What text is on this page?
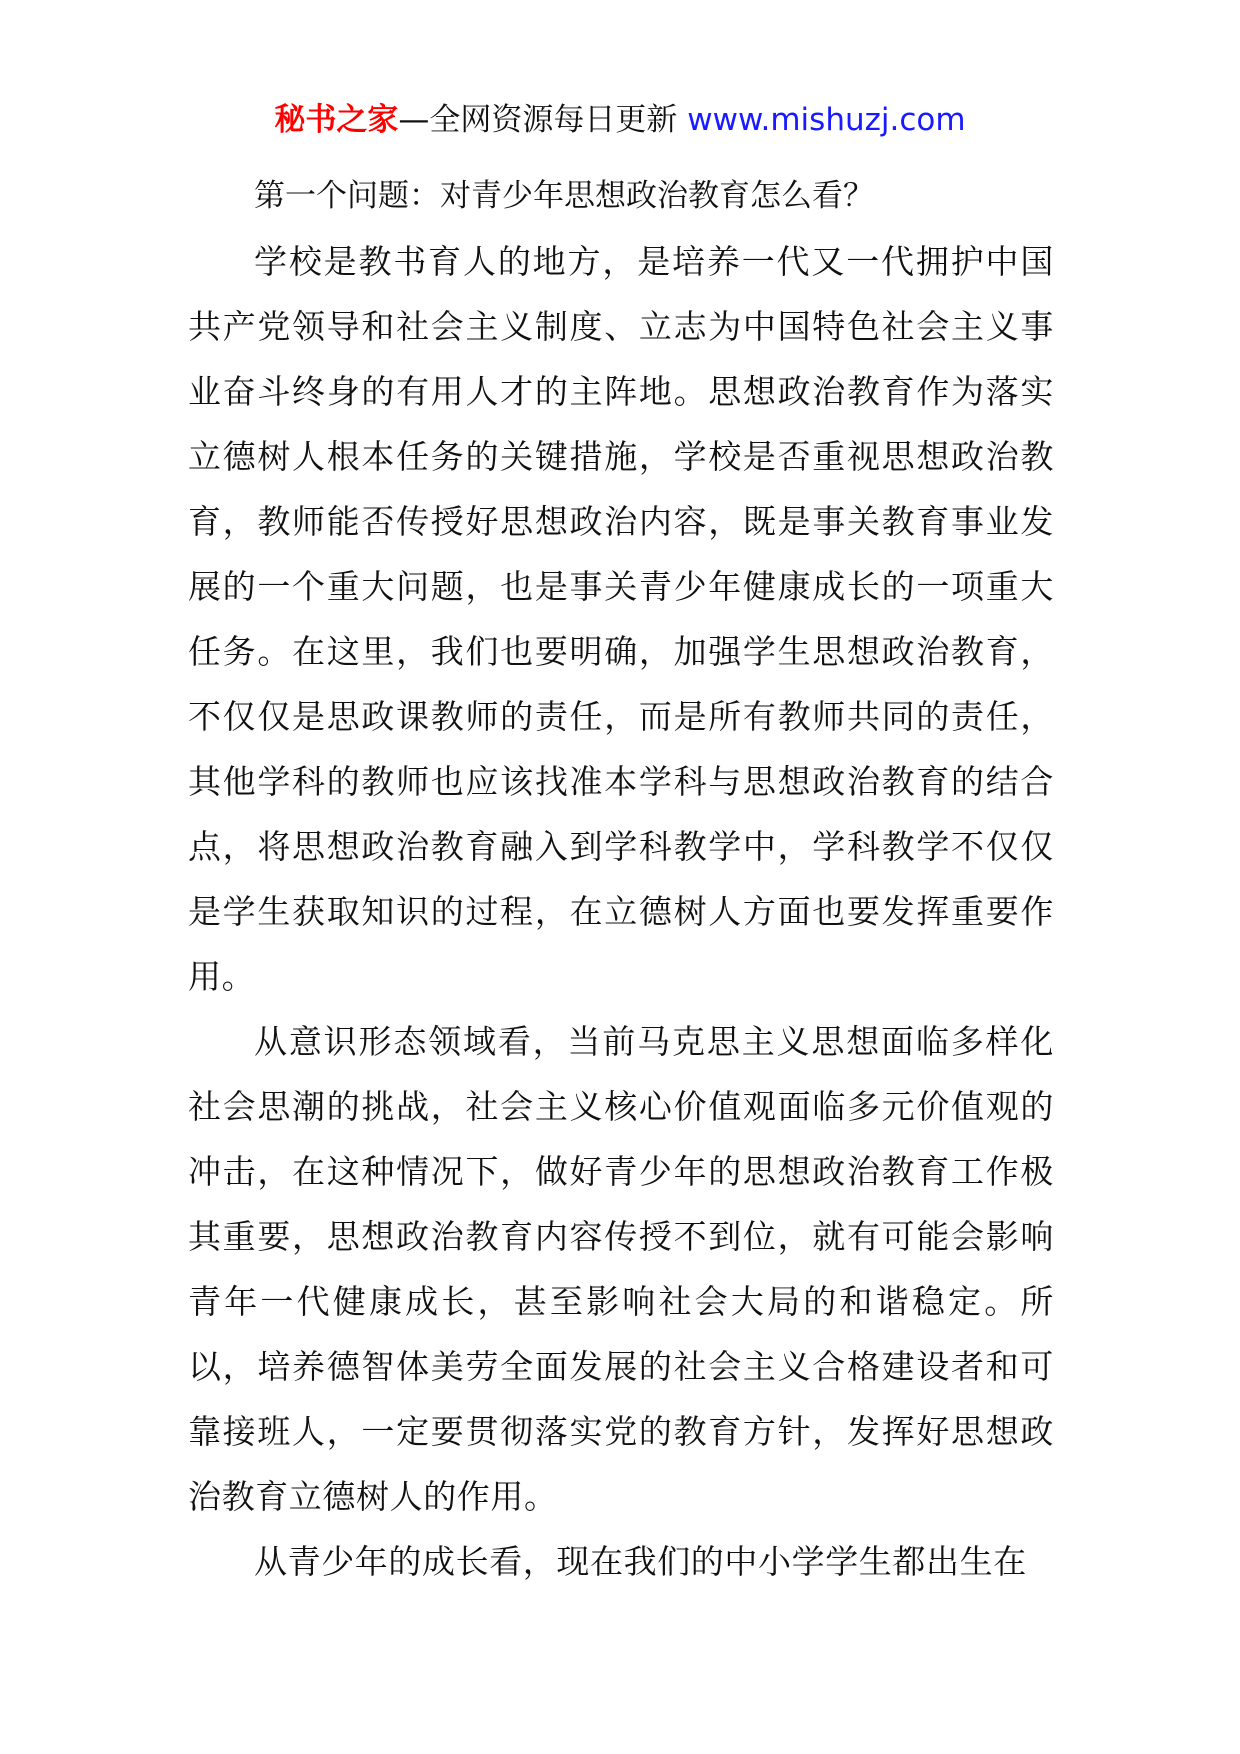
秘书之家—全网资源每日更新 www.mishuzj.com

第一个问题：对青少年思想政治教育怎么看？

学校是教书育人的地方，是培养一代又一代拥护中国共产党领导和社会主义制度、立志为中国特色社会主义事业奋斗终身的有用人才的主阵地。思想政治教育作为落实立德树人根本任务的关键措施，学校是否重视思想政治教育，教师能否传授好思想政治内容，既是事关教育事业发展的一个重大问题，也是事关青少年健康成长的一项重大任务。在这里，我们也要明确，加强学生思想政治教育，不仅仅是思政课教师的责任，而是所有教师共同的责任，其他学科的教师也应该找准本学科与思想政治教育的结合点，将思想政治教育融入到学科教学中，学科教学不仅仅是学生获取知识的过程，在立德树人方面也要发挥重要作用。

从意识形态领域看，当前马克思主义思想面临多样化社会思潮的挑战，社会主义核心价值观面临多元价值观的冲击，在这种情况下，做好青少年的思想政治教育工作极其重要，思想政治教育内容传授不到位，就有可能会影响青年一代健康成长，甚至影响社会大局的和谐稳定。所以，培养德智体美劳全面发展的社会主义合格建设者和可靠接班人，一定要贯彻落实党的教育方针，发挥好思想政治教育立德树人的作用。

从青少年的成长看，现在我们的中小学学生都出生在
